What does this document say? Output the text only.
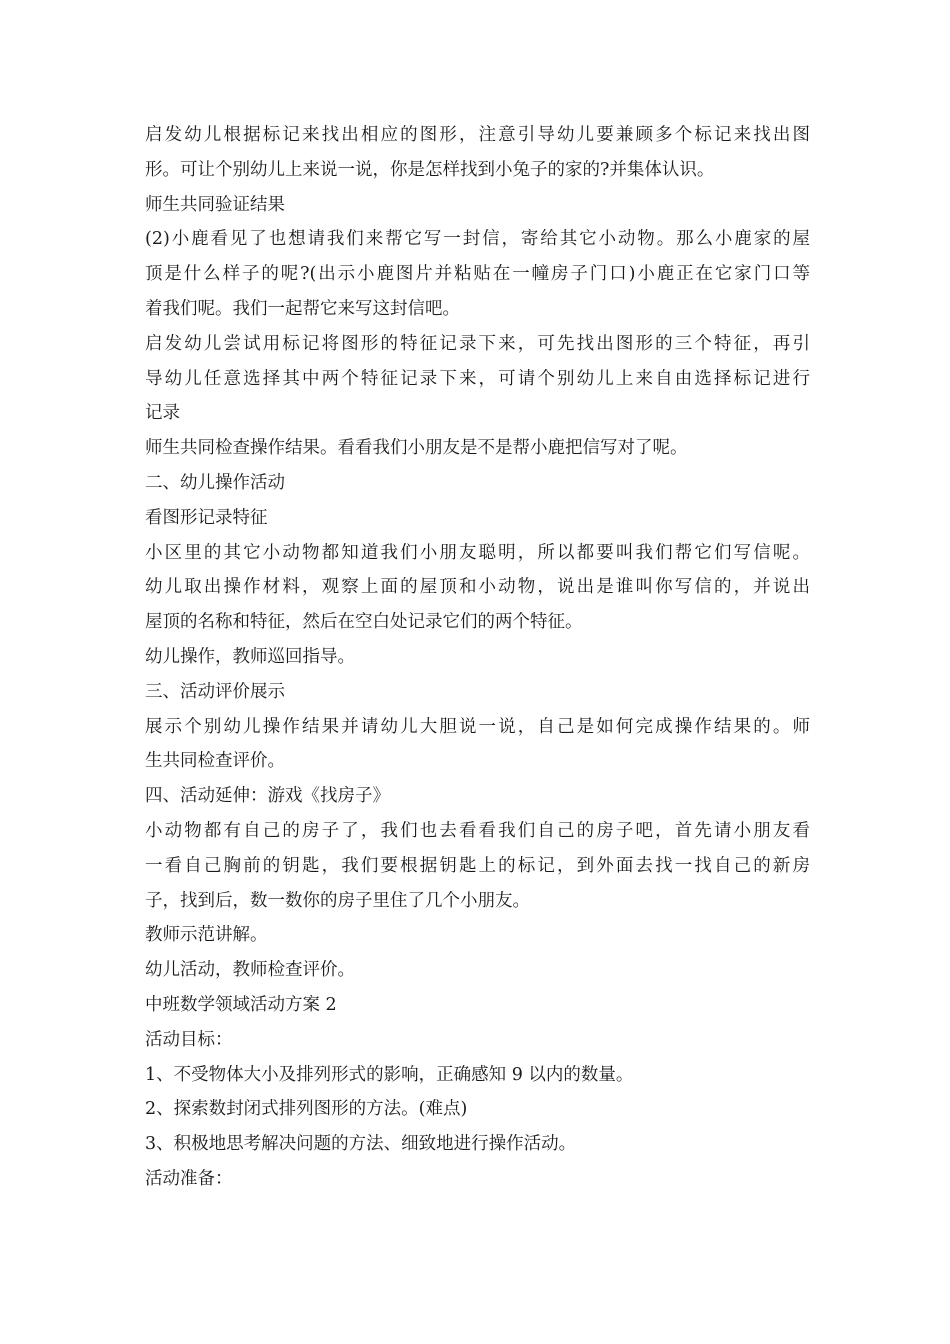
启发幼儿根据标记来找出相应的图形，注意引导幼儿要兼顾多个标记来找出图

形。可让个别幼儿上来说一说，你是怎样找到小兔子的家的?并集体认识。

师生共同验证结果

(2)小鹿看见了也想请我们来帮它写一封信，寄给其它小动物。那么小鹿家的屋

顶是什么样子的呢?(出示小鹿图片并粘贴在一幢房子门口)小鹿正在它家门口等

着我们呢。我们一起帮它来写这封信吧。

启发幼儿尝试用标记将图形的特征记录下来，可先找出图形的三个特征，再引

导幼儿任意选择其中两个特征记录下来，可请个别幼儿上来自由选择标记进行

记录

师生共同检查操作结果。看看我们小朋友是不是帮小鹿把信写对了呢。

二、幼儿操作活动

看图形记录特征

小区里的其它小动物都知道我们小朋友聪明，所以都要叫我们帮它们写信呢。

幼儿取出操作材料，观察上面的屋顶和小动物，说出是谁叫你写信的，并说出

屋顶的名称和特征，然后在空白处记录它们的两个特征。

幼儿操作，教师巡回指导。

三、活动评价展示

展示个别幼儿操作结果并请幼儿大胆说一说，自己是如何完成操作结果的。师

生共同检查评价。

四、活动延伸：游戏《找房子》

小动物都有自己的房子了，我们也去看看我们自己的房子吧，首先请小朋友看

一看自己胸前的钥匙，我们要根据钥匙上的标记，到外面去找一找自己的新房

子，找到后，数一数你的房子里住了几个小朋友。

教师示范讲解。

幼儿活动，教师检查评价。

中班数学领域活动方案 2

活动目标：

1、不受物体大小及排列形式的影响，正确感知 9 以内的数量。

2、探索数封闭式排列图形的方法。(难点)

3、积极地思考解决问题的方法、细致地进行操作活动。

活动准备：
